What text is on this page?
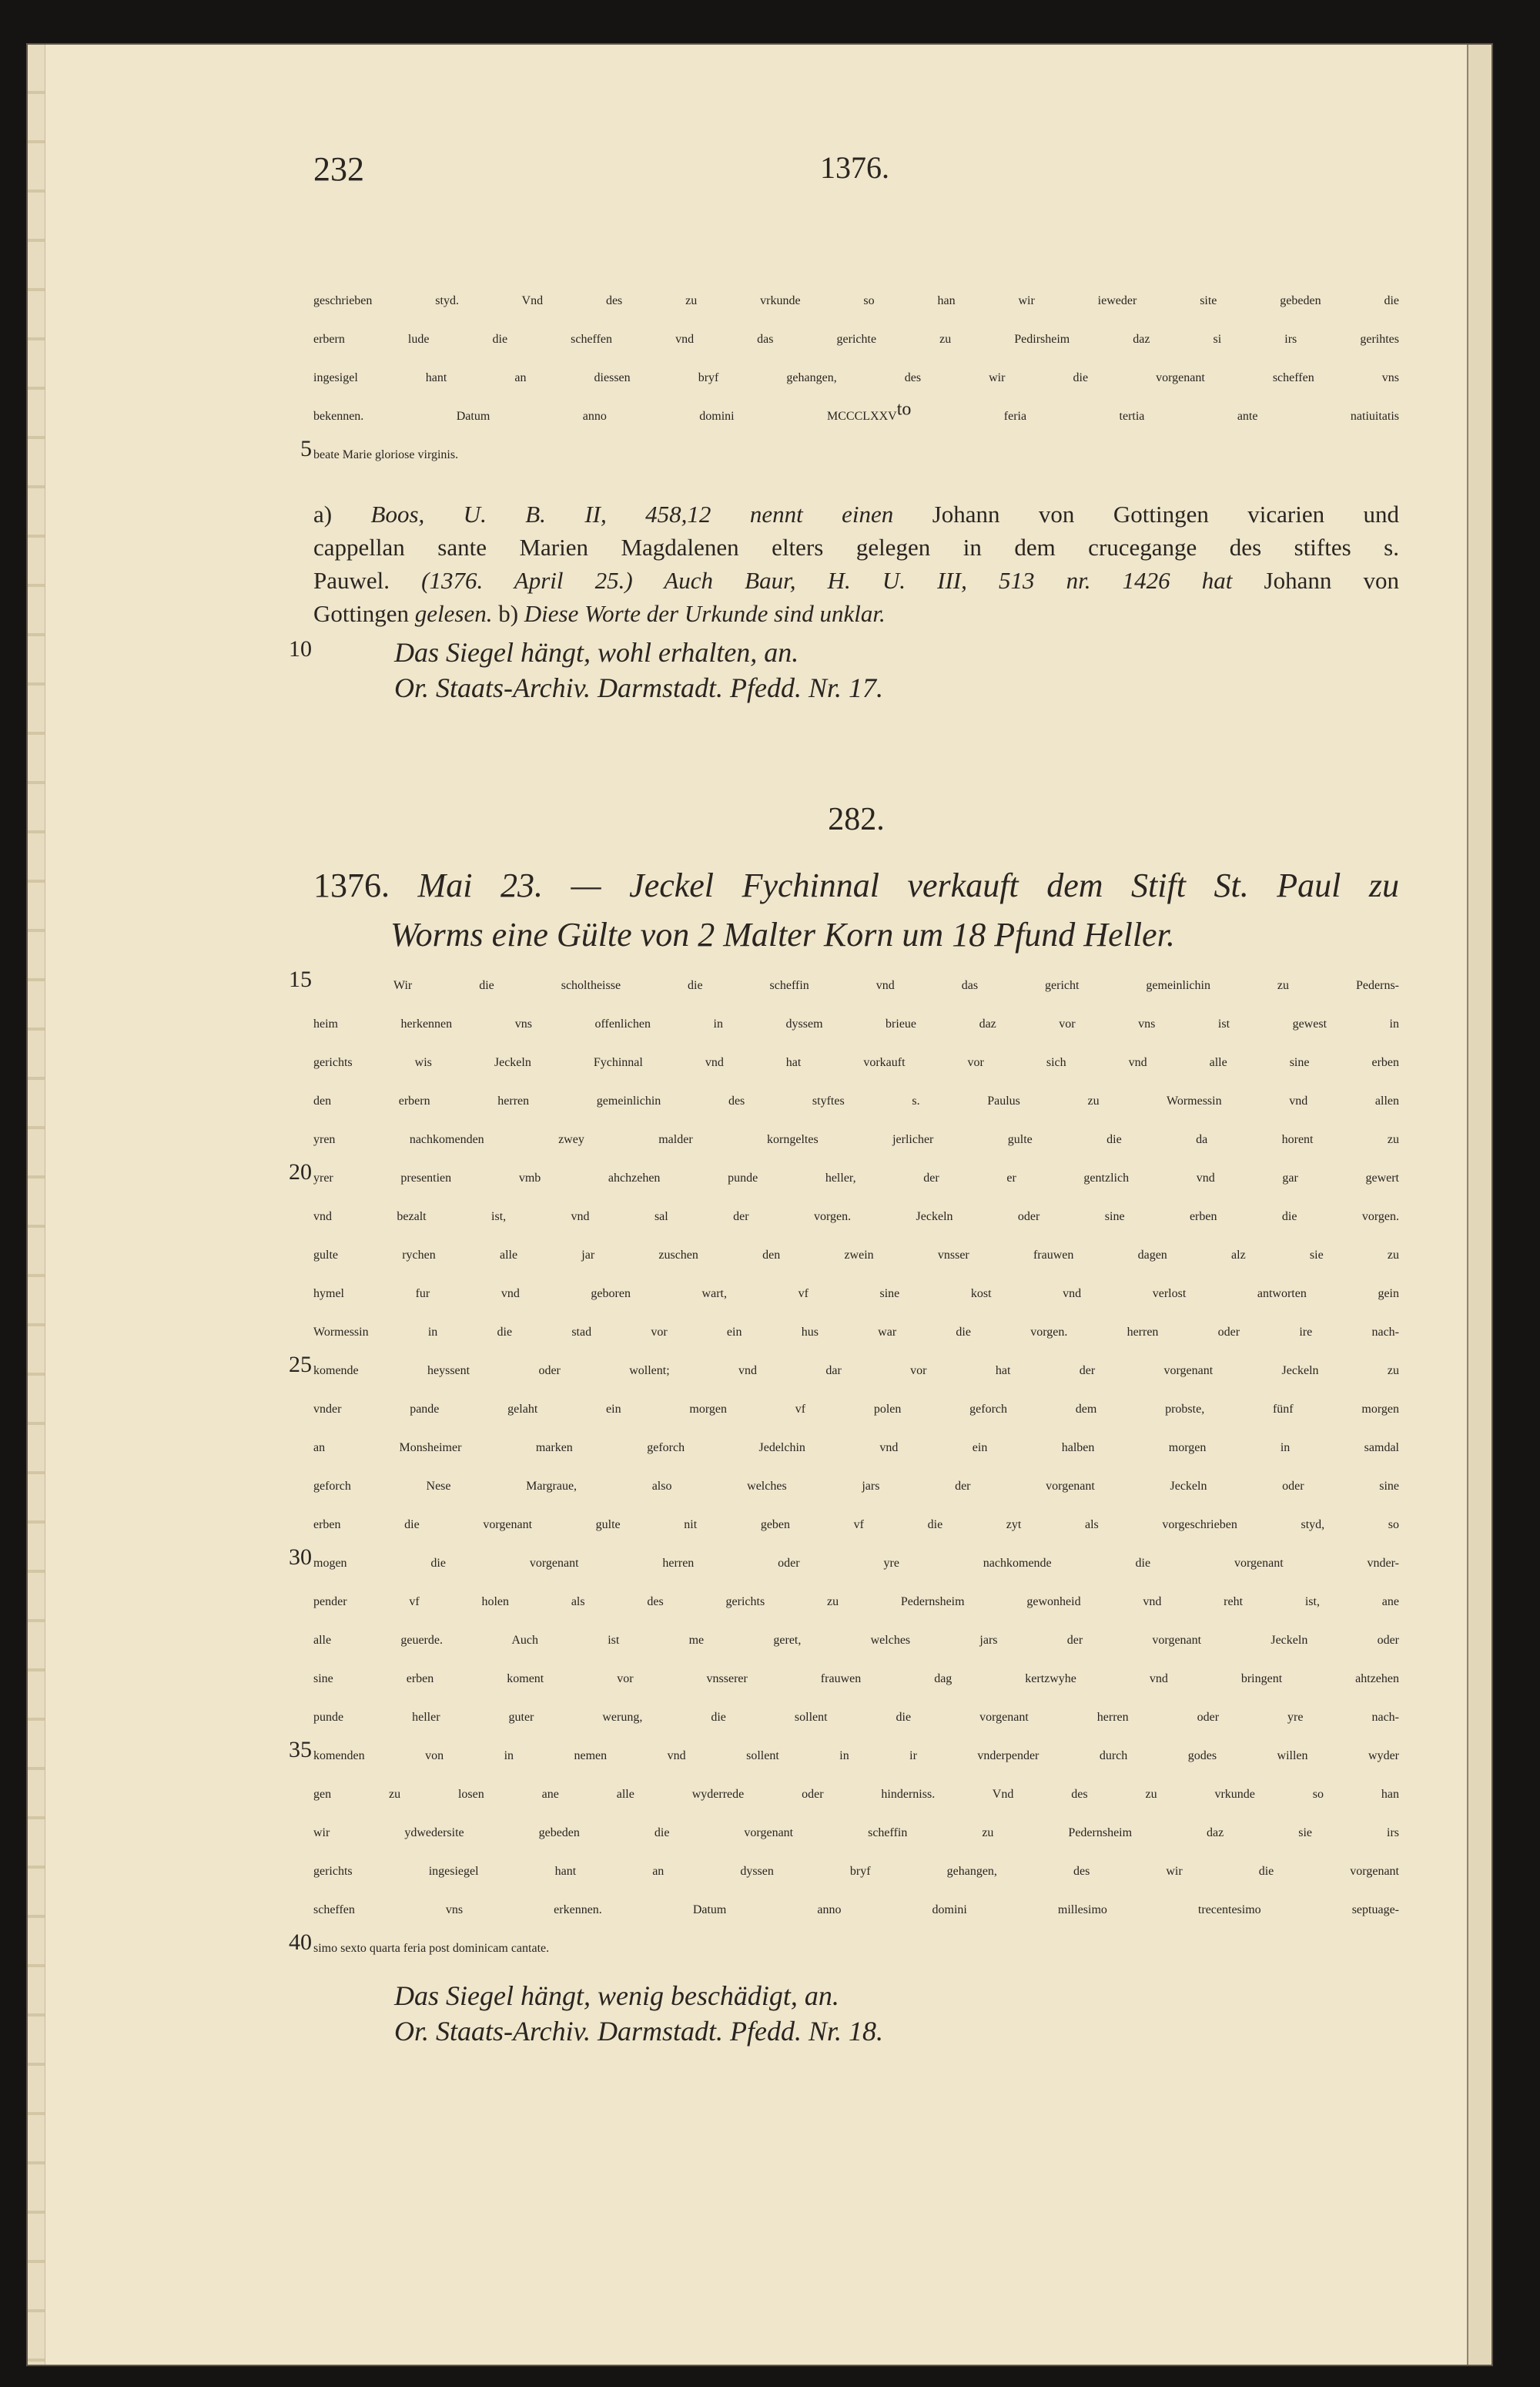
232	1376.
geschrieben styd. Vnd des zu vrkunde so han wir ieweder site gebeden die
erbern lude die scheffen vnd das gerichte zu Pedirsheim daz si irs gerihtes
ingesigel hant an diessen bryf gehangen, des wir die vorgenant scheffen vns
bekennen. Datum anno domini MCCCLXXVto feria tertia ante natiuitatis
beate Marie gloriose virginis.
5
a) Boos, U. B. II, 458,12 nennt einen Johann von Gottingen vicarien und
cappellan sante Marien Magdalenen elters gelegen in dem crucegange des stiftes s.
Pauwel. (1376. April 25.) Auch Baur, H. U. III, 513 nr. 1426 hat Johann von
Gottingen gelesen. b) Diese Worte der Urkunde sind unklar.
10	Das Siegel hängt, wohl erhalten, an.
Or. Staats-Archiv. Darmstadt. Pfedd. Nr. 17.
282.
1376. Mai 23. — Jeckel Fychinnal verkauft dem Stift St. Paul zu
Worms eine Gülte von 2 Malter Korn um 18 Pfund Heller.
Wir die scholtheisse die scheffin vnd das gericht gemeinlichin zu Pederns-
heim herkennen vns offenlichen in dyssem brieue daz vor vns ist gewest in
gerichts wis Jeckeln Fychinnal vnd hat vorkauft vor sich vnd alle sine erben
den erbern herren gemeinlichin des styftes s. Paulus zu Wormessin vnd allen
yren nachkomenden zwey malder korngeltes jerlicher gulte die da horent zu
yrer presentien vmb ahchzehen punde heller, der er gentzlich vnd gar gewert
vnd bezalt ist, vnd sal der vorgen. Jeckeln oder sine erben die vorgen.
gulte rychen alle jar zuschen den zwein vnsser frauwen dagen alz sie zu
hymel fur vnd geboren wart, vf sine kost vnd verlost antworten gein
Wormessin in die stad vor ein hus war die vorgen. herren oder ire nach-
komende heyssent oder wollent; vnd dar vor hat der vorgenant Jeckeln zu
vnder pande gelaht ein morgen vf polen geforch dem probste, fünf morgen
an Monsheimer marken geforch Jedelchin vnd ein halben morgen in samdal
geforch Nese Margraue, also welches jars der vorgenant Jeckeln oder sine
erben die vorgenant gulte nit geben vf die zyt als vorgeschrieben styd, so
mogen die vorgenant herren oder yre nachkomende die vorgenant vnder-
pender vf holen als des gerichts zu Pedernsheim gewonheid vnd reht ist, ane
alle geuerde. Auch ist me geret, welches jars der vorgenant Jeckeln oder
sine erben koment vor vnsserer frauwen dag kertzwyhe vnd bringent ahtzehen
punde heller guter werung, die sollent die vorgenant herren oder yre nach-
komenden von in nemen vnd sollent in ir vnderpender durch godes willen wyder
gen zu losen ane alle wyderrede oder hinderniss. Vnd des zu vrkunde so han
wir ydwedersite gebeden die vorgenant scheffin zu Pedernsheim daz sie irs
gerichts ingesiegel hant an dyssen bryf gehangen, des wir die vorgenant
scheffen vns erkennen. Datum anno domini millesimo trecentesimo septuage-
simo sexto quarta feria post dominicam cantate.
15
20
25
30
35
40
Das Siegel hängt, wenig beschädigt, an.
Or. Staats-Archiv. Darmstadt. Pfedd. Nr. 18.
